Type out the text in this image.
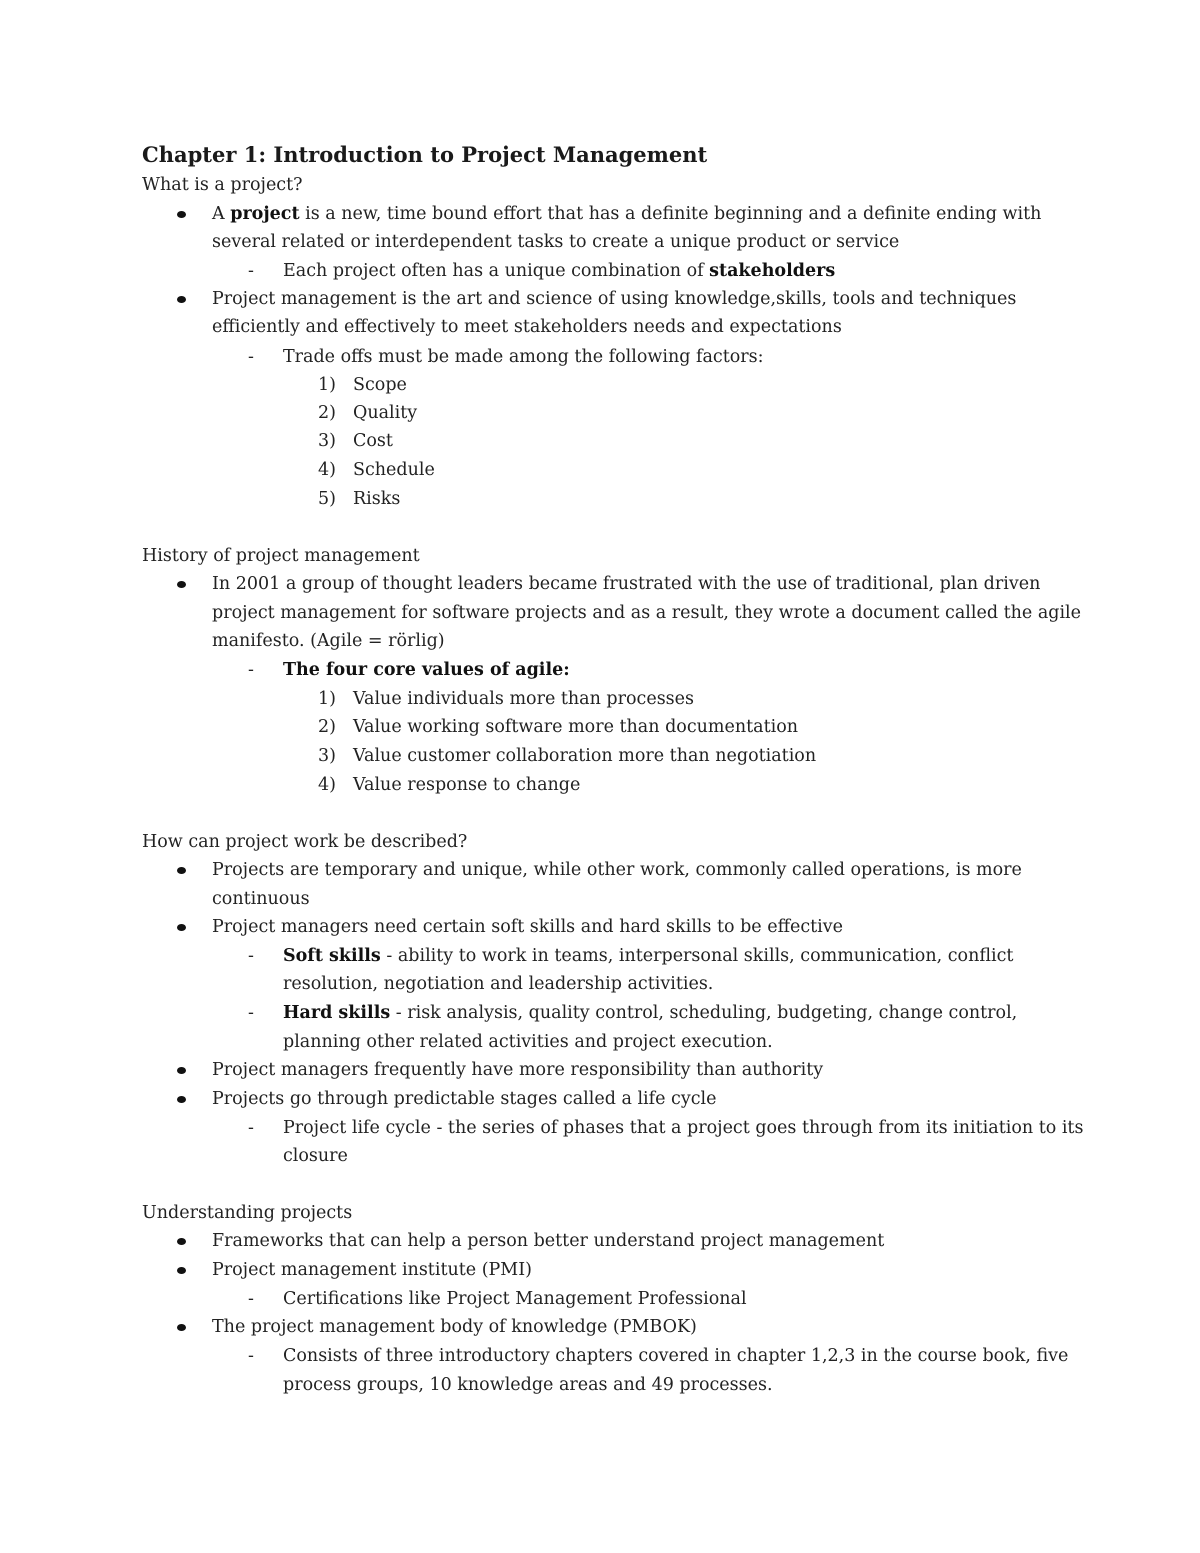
Chapter 1: Introduction to Project Management
What is a project?
A project is a new, time bound effort that has a definite beginning and a definite ending with
several related or interdependent tasks to create a unique product or service
- Each project often has a unique combination of stakeholders
Project management is the art and science of using knowledge,skills, tools and techniques
efficiently and effectively to meet stakeholders needs and expectations
- Trade offs must be made among the following factors:
1) Scope
2) Quality
3) Cost
4) Schedule
5) Risks
History of project management
In 2001 a group of thought leaders became frustrated with the use of traditional, plan driven
project management for software projects and as a result, they wrote a document called the agile
manifesto. (Agile = rörlig)
- The four core values of agile:
1) Value individuals more than processes
2) Value working software more than documentation
3) Value customer collaboration more than negotiation
4) Value response to change
How can project work be described?
Projects are temporary and unique, while other work, commonly called operations, is more
continuous
Project managers need certain soft skills and hard skills to be effective
- Soft skills - ability to work in teams, interpersonal skills, communication, conflict
resolution, negotiation and leadership activities.
- Hard skills - risk analysis, quality control, scheduling, budgeting, change control,
planning other related activities and project execution.
Project managers frequently have more responsibility than authority
Projects go through predictable stages called a life cycle
- Project life cycle - the series of phases that a project goes through from its initiation to its
closure
Understanding projects
Frameworks that can help a person better understand project management
Project management institute (PMI)
- Certifications like Project Management Professional
The project management body of knowledge (PMBOK)
- Consists of three introductory chapters covered in chapter 1,2,3 in the course book, five
process groups, 10 knowledge areas and 49 processes.
